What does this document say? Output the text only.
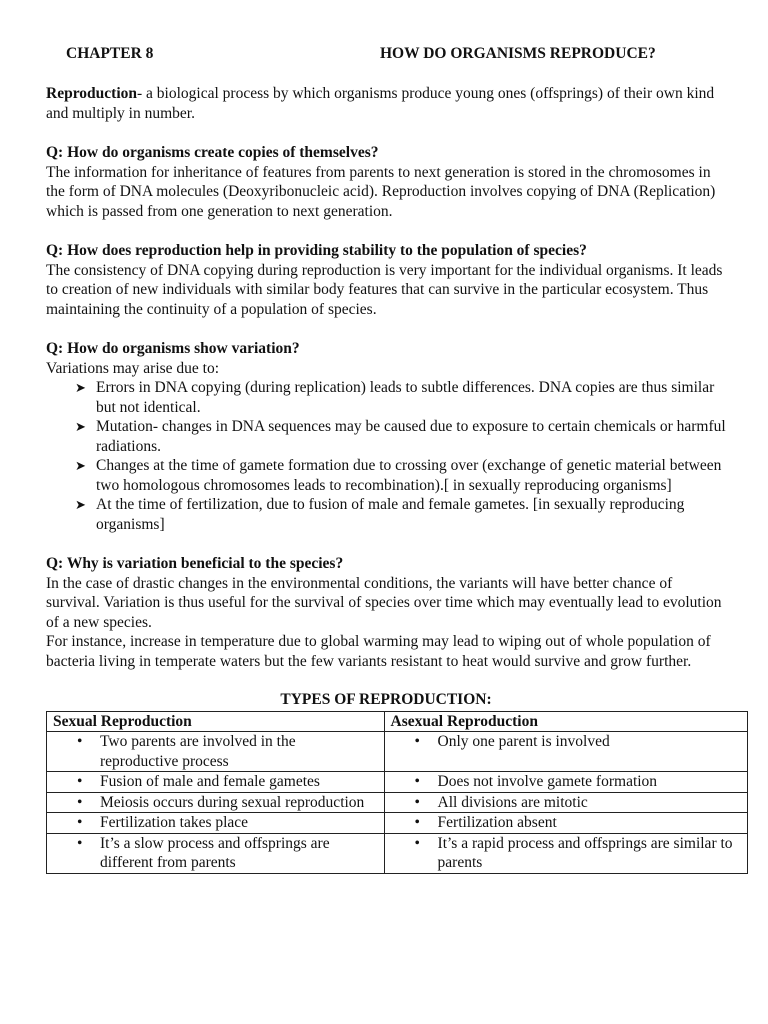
CHAPTER 8	HOW DO ORGANISMS REPRODUCE?

Reproduction- a biological process by which organisms produce young ones (offsprings) of their own kind and multiply in number.

Q: How do organisms create copies of themselves?

The information for inheritance of features from parents to next generation is stored in the chromosomes in the form of DNA molecules (Deoxyribonucleic acid). Reproduction involves copying of DNA (Replication) which is passed from one generation to next generation.

Q: How does reproduction help in providing stability to the population of species?

The consistency of DNA copying during reproduction is very important for the individual organisms. It leads to creation of new individuals with similar body features that can survive in the particular ecosystem. Thus maintaining the continuity of a population of species.

Q: How do organisms show variation?

Variations may arise due to:

➤ Errors in DNA copying (during replication) leads to subtle differences. DNA copies are thus similar but not identical.
➤ Mutation- changes in DNA sequences may be caused due to exposure to certain chemicals or harmful radiations.
➤ Changes at the time of gamete formation due to crossing over (exchange of genetic material between two homologous chromosomes leads to recombination).[ in sexually reproducing organisms]
➤ At the time of fertilization, due to fusion of male and female gametes. [in sexually reproducing organisms]

Q: Why is variation beneficial to the species?

In the case of drastic changes in the environmental conditions, the variants will have better chance of survival. Variation is thus useful for the survival of species over time which may eventually lead to evolution of a new species.

For instance, increase in temperature due to global warming may lead to wiping out of whole population of bacteria living in temperate waters but the few variants resistant to heat would survive and grow further.

TYPES OF REPRODUCTION:
Sexual Reproduction	Asexual Reproduction

• Two parents are involved in the reproductive process	• Only one parent is involved

• Fusion of male and female gametes	• Does not involve gamete formation

• Meiosis occurs during sexual reproduction	• All divisions are mitotic

• Fertilization takes place	• Fertilization absent

• It’s a slow process and offsprings are different from parents	• It’s a rapid process and offsprings are similar to parents
